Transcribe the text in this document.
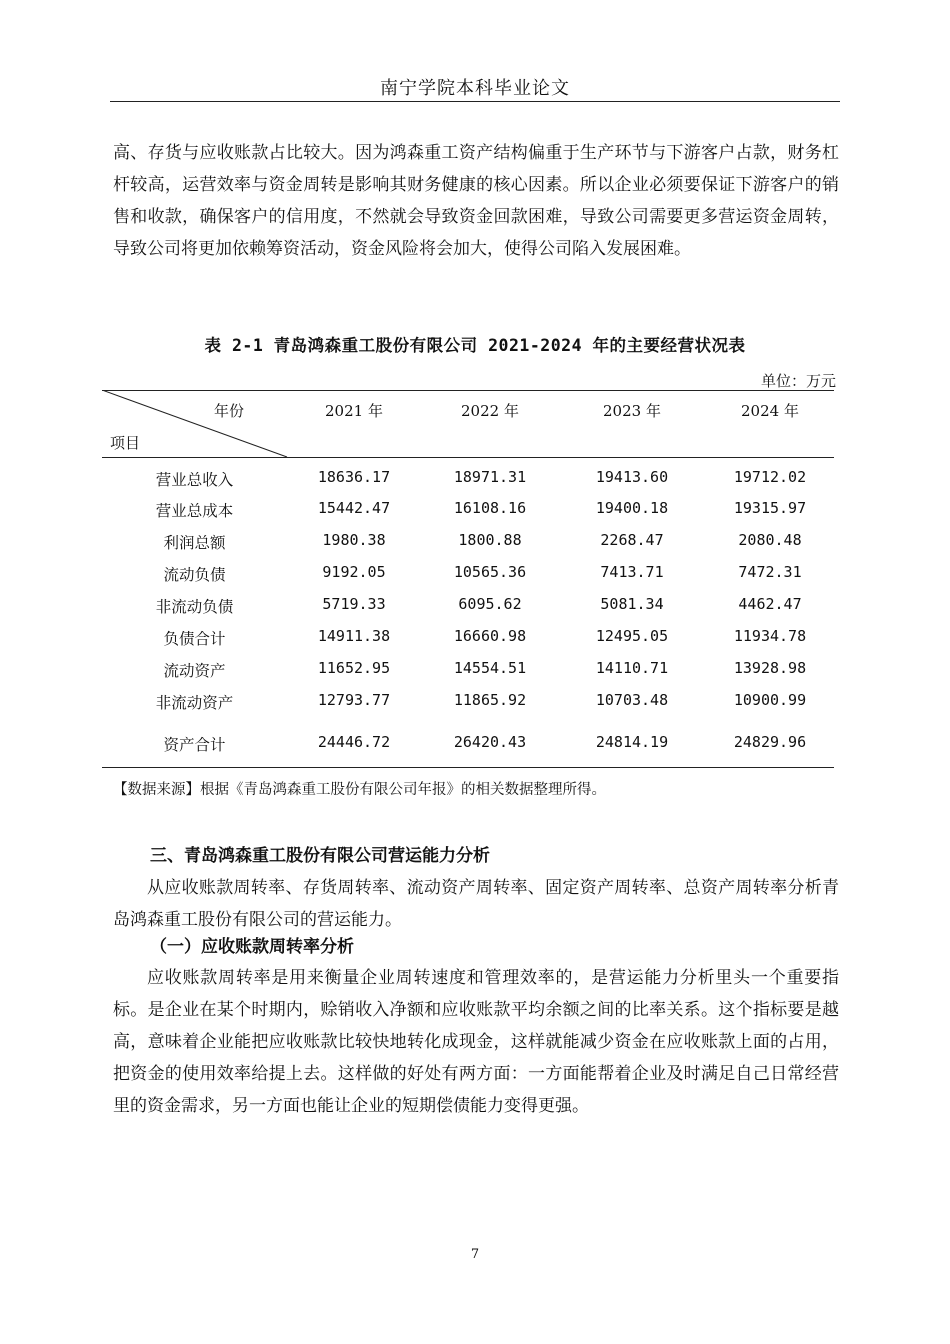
南宁学院本科毕业论文

高、存货与应收账款占比较大。因为鸿森重工资产结构偏重于生产环节与下游客户占款，财务杠杆较高，运营效率与资金周转是影响其财务健康的核心因素。所以企业必须要保证下游客户的销售和收款，确保客户的信用度，不然就会导致资金回款困难，导致公司需要更多营运资金周转，导致公司将更加依赖筹资活动，资金风险将会加大，使得公司陷入发展困难。

表 2-1 青岛鸿森重工股份有限公司 2021-2024 年的主要经营状况表
单位：万元
年份
项目
2021 年	2022 年	2023 年	2024 年
营业总收入	18636.17	18971.31	19413.60	19712.02
营业总成本	15442.47	16108.16	19400.18	19315.97
利润总额	1980.38	1800.88	2268.47	2080.48
流动负债	9192.05	10565.36	7413.71	7472.31
非流动负债	5719.33	6095.62	5081.34	4462.47
负债合计	14911.38	16660.98	12495.05	11934.78
流动资产	11652.95	14554.51	14110.71	13928.98
非流动资产	12793.77	11865.92	10703.48	10900.99
资产合计	24446.72	26420.43	24814.19	24829.96
【数据来源】根据《青岛鸿森重工股份有限公司年报》的相关数据整理所得。
三、青岛鸿森重工股份有限公司营运能力分析

从应收账款周转率、存货周转率、流动资产周转率、固定资产周转率、总资产周转率分析青岛鸿森重工股份有限公司的营运能力。

（一）应收账款周转率分析

应收账款周转率是用来衡量企业周转速度和管理效率的，是营运能力分析里头一个重要指标。是企业在某个时期内，赊销收入净额和应收账款平均余额之间的比率关系。这个指标要是越高，意味着企业能把应收账款比较快地转化成现金，这样就能减少资金在应收账款上面的占用，把资金的使用效率给提上去。这样做的好处有两方面：一方面能帮着企业及时满足自己日常经营里的资金需求，另一方面也能让企业的短期偿债能力变得更强。

7
